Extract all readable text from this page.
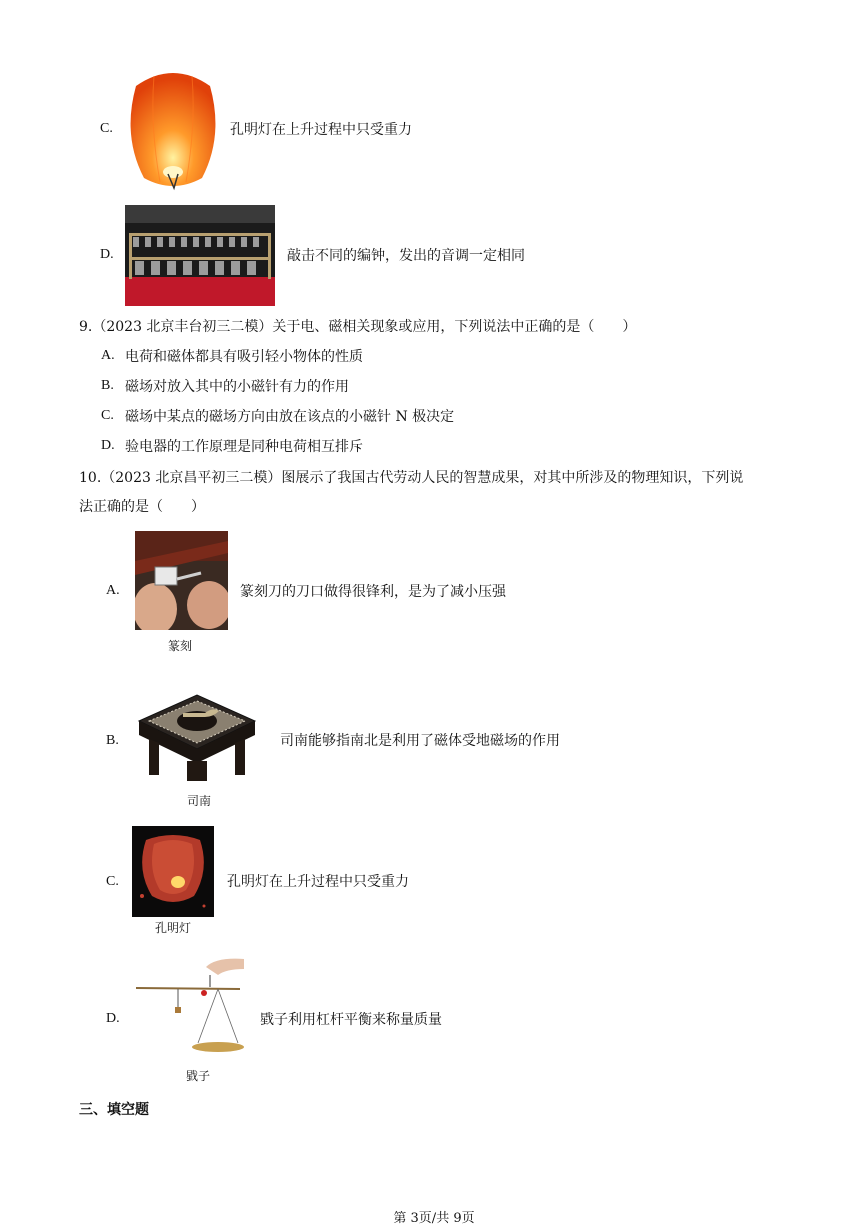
C.	孔明灯在上升过程中只受重力
D.	敲击不同的编钟，发出的音调一定相同
9.（2023 北京丰台初三二模）关于电、磁相关现象或应用，下列说法中正确的是（　　）
A. 电荷和磁体都具有吸引轻小物体的性质
B. 磁场对放入其中的小磁针有力的作用
C. 磁场中某点的磁场方向由放在该点的小磁针 N 极决定
D. 验电器的工作原理是同种电荷相互排斥
10.（2023 北京昌平初三二模）图展示了我国古代劳动人民的智慧成果，对其中所涉及的物理知识，下列说
法正确的是（　　）
A.	篆刻刀的刀口做得很锋利，是为了减小压强
篆刻
B.	司南能够指南北是利用了磁体受地磁场的作用
司南
C.	孔明灯在上升过程中只受重力
孔明灯
D.	戥子利用杠杆平衡来称量质量
戥子
三、填空题
第 3页/共 9页
